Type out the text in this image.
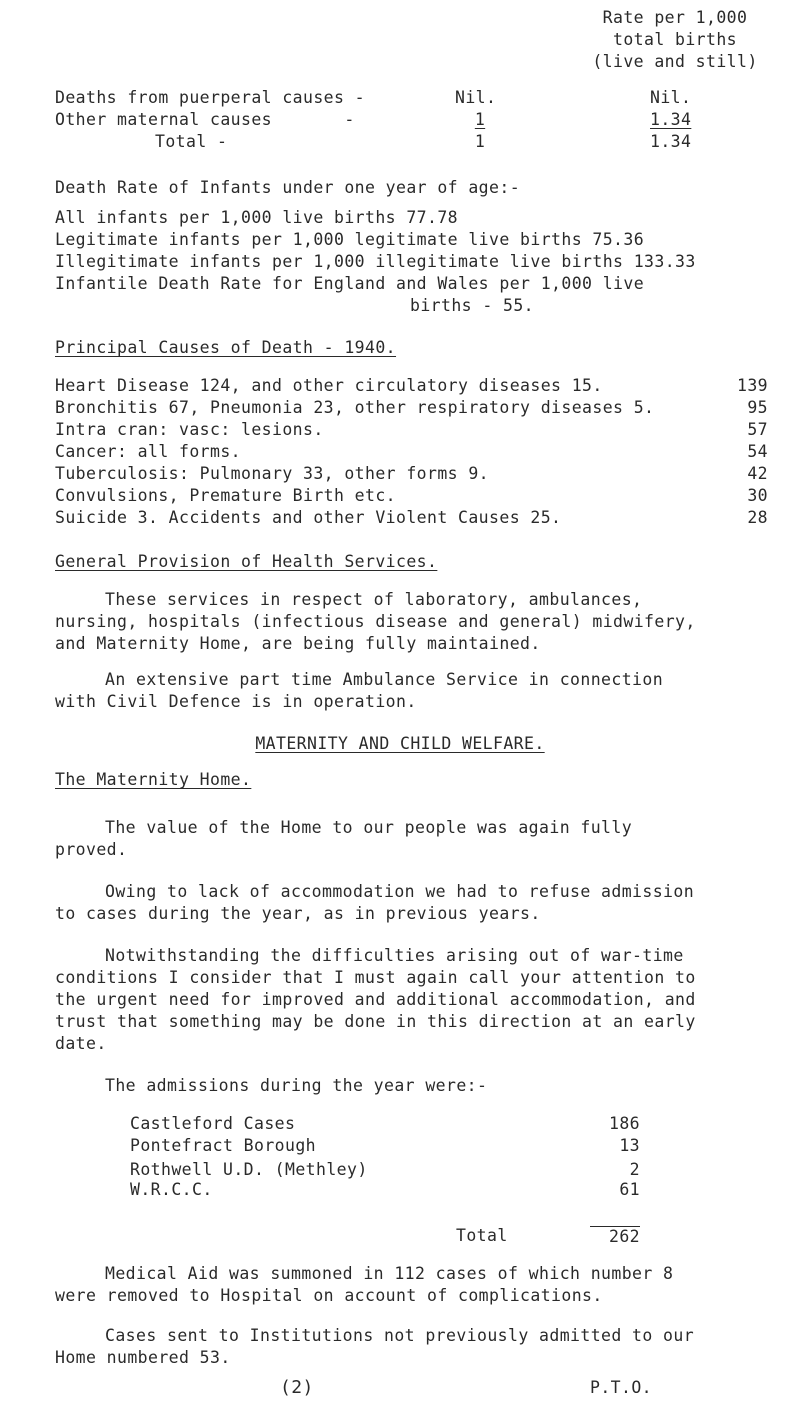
Rate per 1,000
total births
(live and still)
Deaths from puerperal causes -	Nil.	Nil.
Other maternal causes       -	1	1.34
Total -	1	1.34
Death Rate of Infants under one year of age:-
All infants per 1,000 live births 77.78
Legitimate infants per 1,000 legitimate live births 75.36
Illegitimate infants per 1,000 illegitimate live births 133.33
Infantile Death Rate for England and Wales per 1,000 live
births - 55.
Principal Causes of Death - 1940.
Heart Disease 124, and other circulatory diseases 15.	139
Bronchitis 67, Pneumonia 23, other respiratory diseases 5.	95
Intra cran: vasc: lesions.	57
Cancer: all forms.	54
Tuberculosis: Pulmonary 33, other forms 9.	42
Convulsions, Premature Birth etc.	30
Suicide 3. Accidents and other Violent Causes 25.	28
General Provision of Health Services.
These services in respect of laboratory, ambulances,
nursing, hospitals (infectious disease and general) midwifery,
and Maternity Home, are being fully maintained.
An extensive part time Ambulance Service in connection
with Civil Defence is in operation.
MATERNITY AND CHILD WELFARE.
The Maternity Home.
The value of the Home to our people was again fully
proved.
Owing to lack of accommodation we had to refuse admission
to cases during the year, as in previous years.
Notwithstanding the difficulties arising out of war-time
conditions I consider that I must again call your attention to
the urgent need for improved and additional accommodation, and
trust that something may be done in this direction at an early
date.
The admissions during the year were:-
Castleford Cases	186
Pontefract Borough	13
Rothwell U.D. (Methley)	2
W.R.C.C.	61
Total	262
Medical Aid was summoned in 112 cases of which number 8
were removed to Hospital on account of complications.
Cases sent to Institutions not previously admitted to our
Home numbered 53.
(2)	P.T.O.
